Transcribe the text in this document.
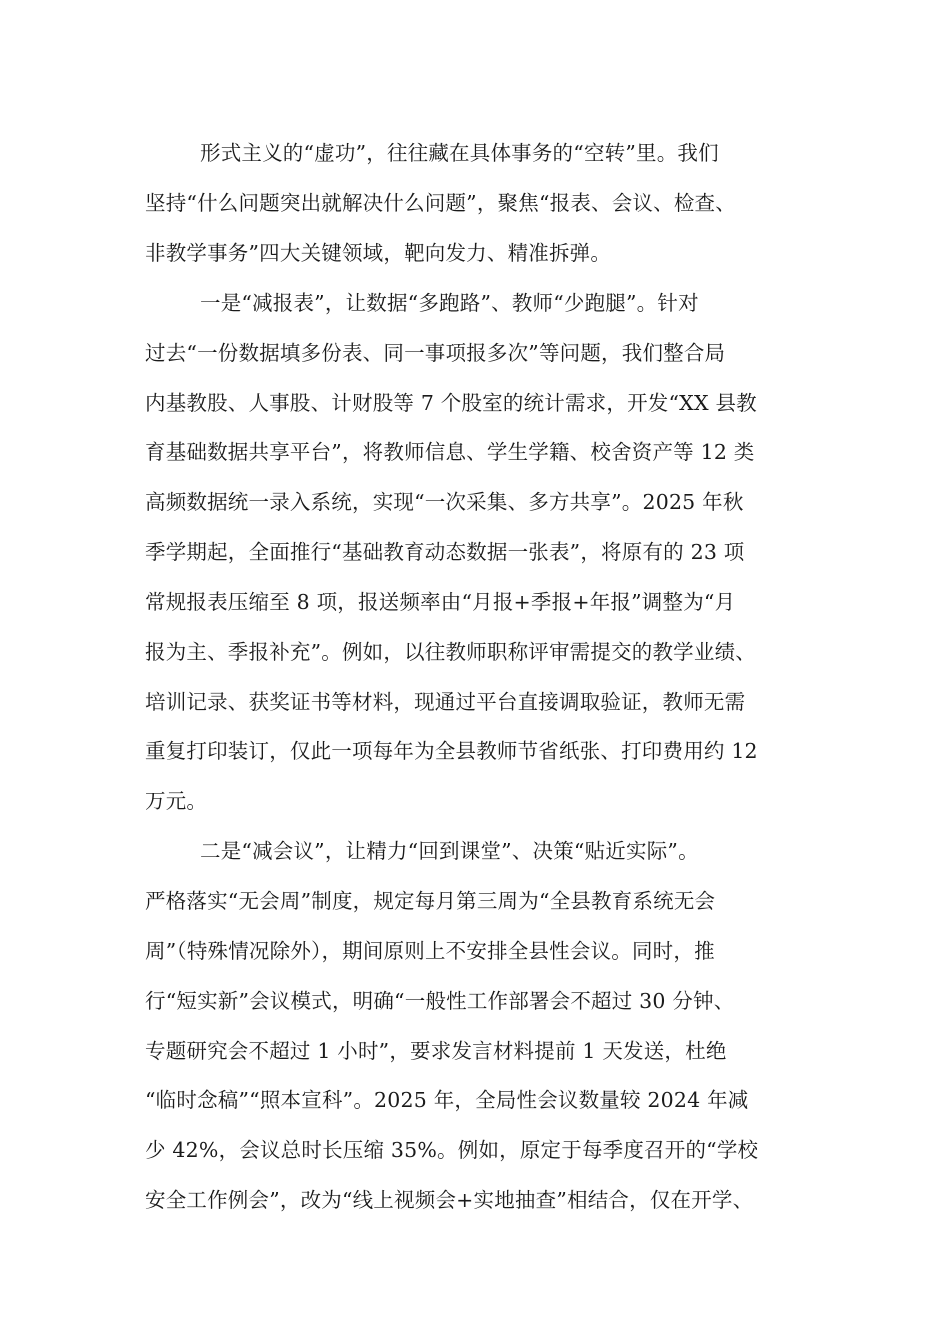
形式主义的“虚功”，往往藏在具体事务的“空转”里。我们

坚持“什么问题突出就解决什么问题”，聚焦“报表、会议、检查、

非教学事务”四大关键领域，靶向发力、精准拆弹。

一是“减报表”，让数据“多跑路”、教师“少跑腿”。针对

过去“一份数据填多份表、同一事项报多次”等问题，我们整合局

内基教股、人事股、计财股等 7 个股室的统计需求，开发“XX 县教

育基础数据共享平台”，将教师信息、学生学籍、校舍资产等 12 类

高频数据统一录入系统，实现“一次采集、多方共享”。2025 年秋

季学期起，全面推行“基础教育动态数据一张表”，将原有的 23 项

常规报表压缩至 8 项，报送频率由“月报+季报+年报”调整为“月

报为主、季报补充”。例如，以往教师职称评审需提交的教学业绩、

培训记录、获奖证书等材料，现通过平台直接调取验证，教师无需

重复打印装订，仅此一项每年为全县教师节省纸张、打印费用约 12

万元。

二是“减会议”，让精力“回到课堂”、决策“贴近实际”。

严格落实“无会周”制度，规定每月第三周为“全县教育系统无会

周”（特殊情况除外），期间原则上不安排全县性会议。同时，推

行“短实新”会议模式，明确“一般性工作部署会不超过 30 分钟、

专题研究会不超过 1 小时”，要求发言材料提前 1 天发送，杜绝

“临时念稿”“照本宣科”。2025 年，全局性会议数量较 2024 年减

少 42%，会议总时长压缩 35%。例如，原定于每季度召开的“学校

安全工作例会”，改为“线上视频会+实地抽查”相结合，仅在开学、
